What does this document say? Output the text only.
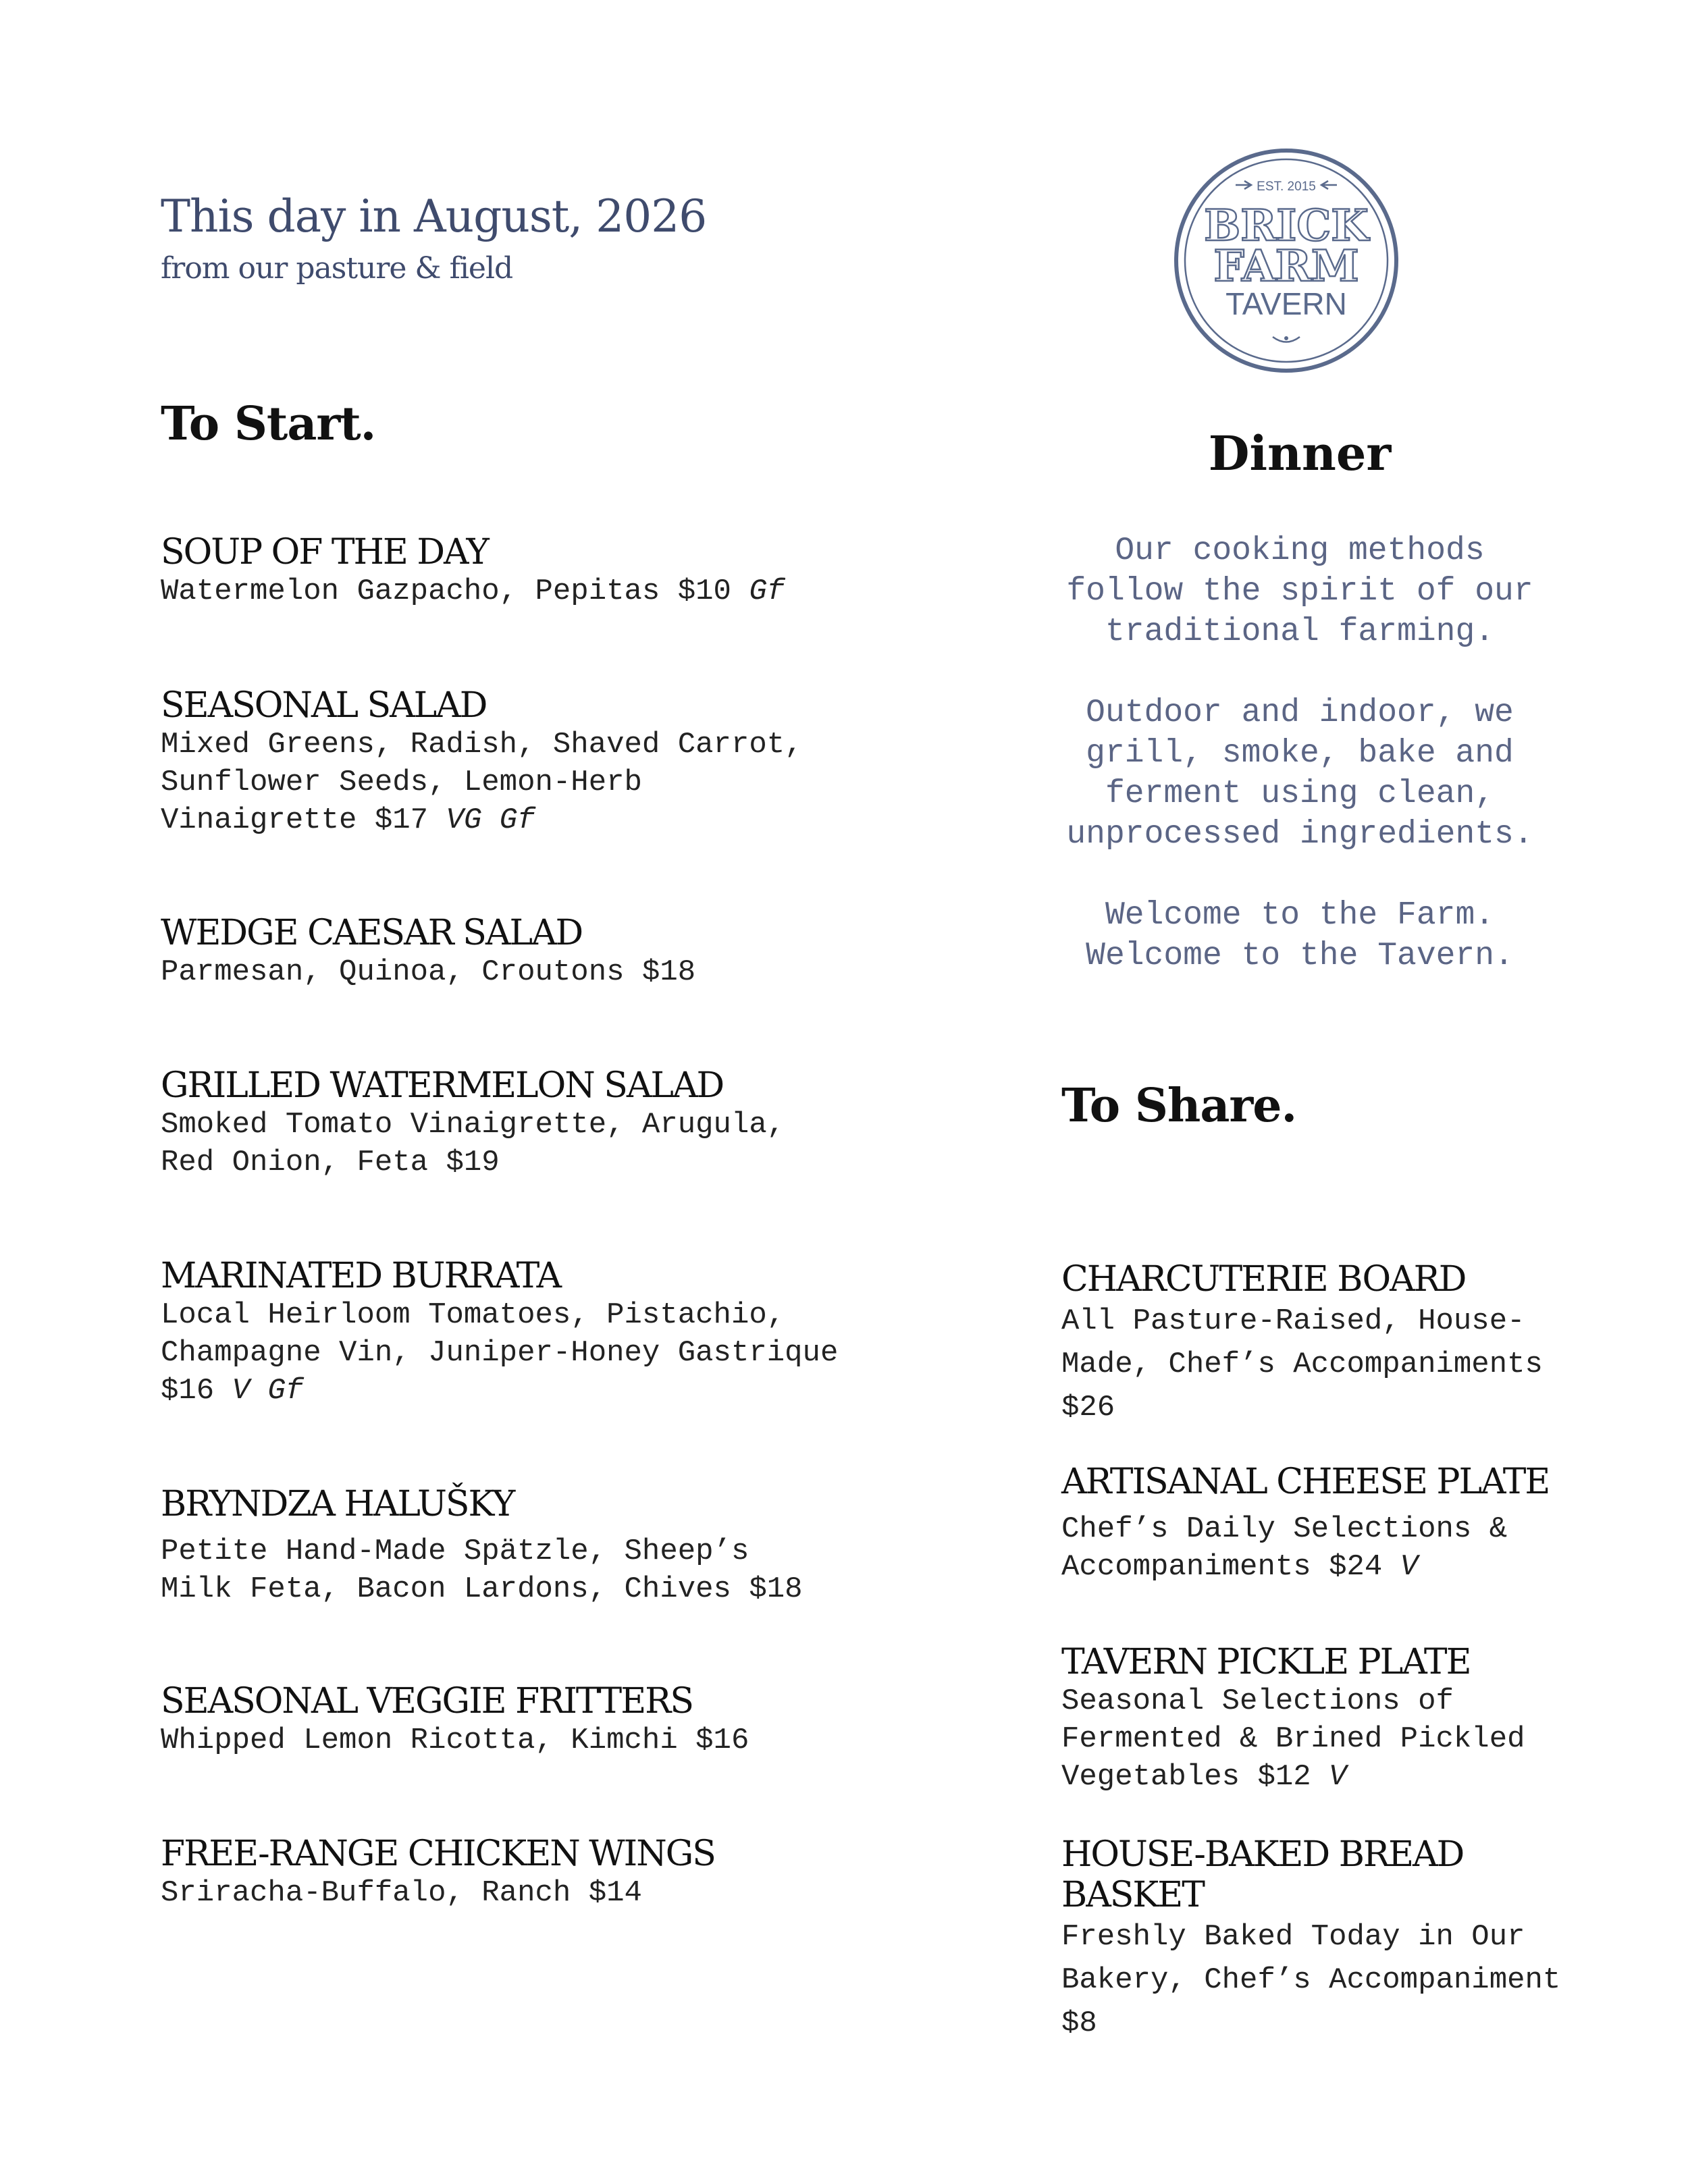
This day in August, 2026
from our pasture & field
EST. 2015
BRICK
FARM
TAVERN
To Start.
Dinner

Our cooking methods
follow the spirit of our
traditional farming.

Outdoor and indoor, we
grill, smoke, bake and
ferment using clean,
unprocessed ingredients.

Welcome to the Farm.
Welcome to the Tavern.

To Share.
SOUP OF THE DAY
Watermelon Gazpacho, Pepitas $10 Gf
SEASONAL SALAD
Mixed Greens, Radish, Shaved Carrot,
Sunflower Seeds, Lemon-Herb
Vinaigrette $17 VG Gf
WEDGE CAESAR SALAD
Parmesan, Quinoa, Croutons $18
GRILLED WATERMELON SALAD
Smoked Tomato Vinaigrette, Arugula,
Red Onion, Feta $19
MARINATED BURRATA
Local Heirloom Tomatoes, Pistachio,
Champagne Vin, Juniper-Honey Gastrique
$16 V Gf
BRYNDZA HALUŠKY
Petite Hand-Made Spätzle, Sheep’s
Milk Feta, Bacon Lardons, Chives $18
SEASONAL VEGGIE FRITTERS
Whipped Lemon Ricotta, Kimchi $16
FREE-RANGE CHICKEN WINGS
Sriracha-Buffalo, Ranch $14
CHARCUTERIE BOARD
All Pasture-Raised, House-
Made, Chef’s Accompaniments
$26
ARTISANAL CHEESE PLATE
Chef’s Daily Selections &
Accompaniments $24 V
TAVERN PICKLE PLATE
Seasonal Selections of
Fermented & Brined Pickled
Vegetables $12 V
HOUSE-BAKED BREAD
BASKET
Freshly Baked Today in Our
Bakery, Chef’s Accompaniment
$8
